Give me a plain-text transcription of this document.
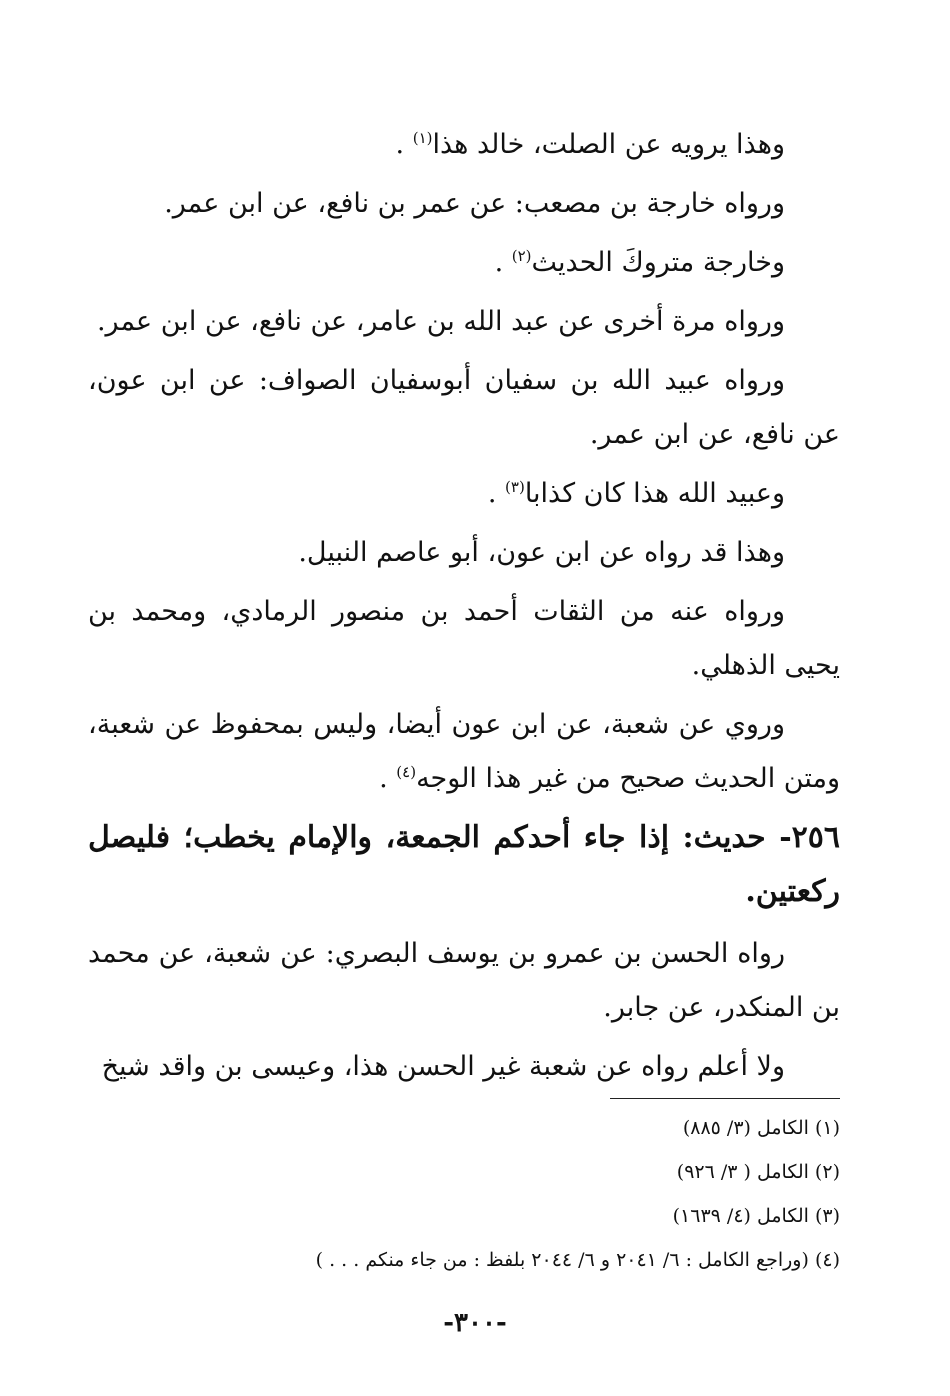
وهذا يرويه عن الصلت، خالد هذا$^{(١)}$ .

ورواه خارجة بن مصعب: عن عمر بن نافع، عن ابن عمر.

وخارجة متروكَ الحديث$^{(٢)}$ .

ورواه مرة أخرى عن عبد الله بن عامر، عن نافع، عن ابن عمر.

ورواه عبيد الله بن سفيان أبوسفيان الصواف: عن ابن عون، عن نافع، عن ابن عمر.

وعبيد الله هذا كان كذابا$^{(٣)}$ .

وهذا قد رواه عن ابن عون، أبو عاصم النبيل.

ورواه عنه من الثقات أحمد بن منصور الرمادي، ومحمد بن يحيى الذهلي.

وروي عن شعبة، عن ابن عون أيضا، وليس بمحفوظ عن شعبة، ومتن الحديث صحيح من غير هذا الوجه$^{(٤)}$ .

٢٥٦- حديث: إذا جاء أحدكم الجمعة، والإمام يخطب؛ فليصل ركعتين.

رواه الحسن بن عمرو بن يوسف البصري: عن شعبة، عن محمد بن المنكدر، عن جابر.

ولا أعلم رواه عن شعبة غير الحسن هذا، وعيسى بن واقد شيخ

(١) الكامل (٣/ ٨٨٥)

(٢) الكامل ( ٣/ ٩٢٦)

(٣) الكامل (٤/ ١٦٣٩)

(٤) (وراجع الكامل : ٦/ ٢٠٤١ و ٦/ ٢٠٤٤ بلفظ : من جاء منكم . . . )

-٣٠٠-
